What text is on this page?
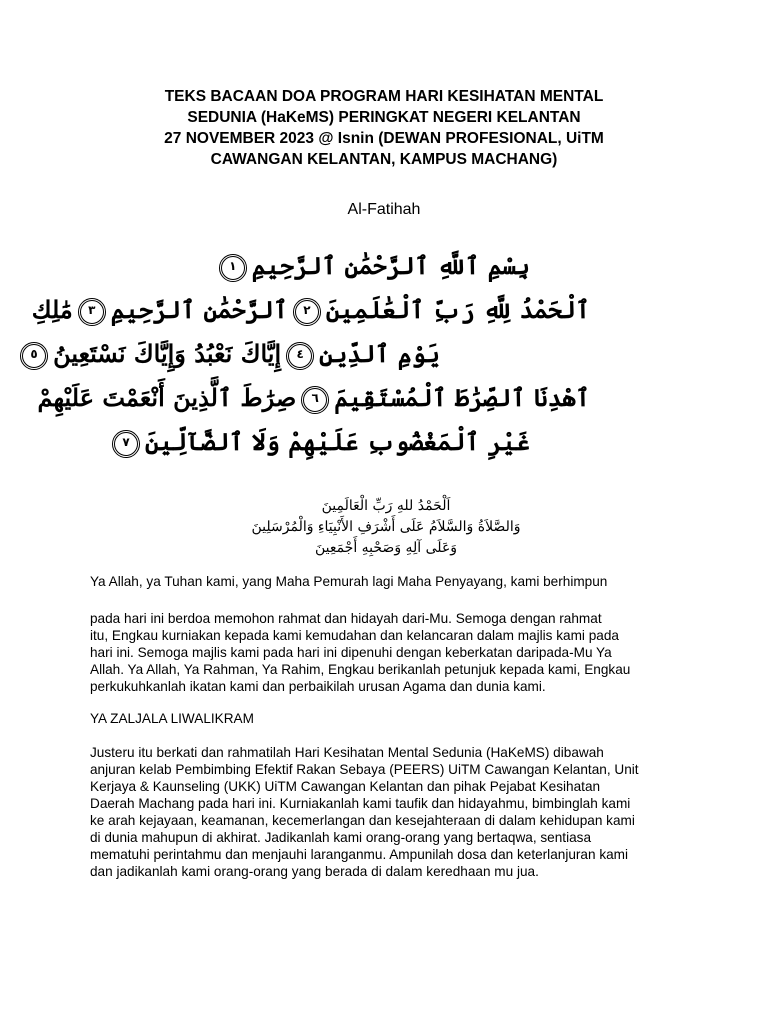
TEKS BACAAN DOA PROGRAM HARI KESIHATAN MENTAL
SEDUNIA (HaKeMS) PERINGKAT NEGERI KELANTAN
27 NOVEMBER 2023 @ Isnin (DEWAN PROFESIONAL, UiTM
CAWANGAN KELANTAN, KAMPUS MACHANG)
Al-Fatihah
بِسْمِ ٱللَّهِ ٱلرَّحْمَٰنِ ٱلرَّحِيمِ١
ٱلْحَمْدُ لِلَّهِ رَبِّ ٱلْعَٰلَمِينَ٢ٱلرَّحْمَٰنِ ٱلرَّحِيمِ٣مَٰلِكِ
يَوْمِ ٱلدِّينِ٤إِيَّاكَ نَعْبُدُ وَإِيَّاكَ نَسْتَعِينُ٥
ٱهْدِنَا ٱلصِّرَٰطَ ٱلْمُسْتَقِيمَ٦صِرَٰطَ ٱلَّذِينَ أَنْعَمْتَ عَلَيْهِمْ
غَيْرِ ٱلْمَغْضُوبِ عَلَيْهِمْ وَلَا ٱلضَّآلِّينَ٧
اَلْحَمْدُ للهِ رَبِّ الْعَالَمِينَ
وَالصَّلاَةُ وَالسَّلاَمُ عَلَى أَشْرَفِ الأَنْبِيَاءِ وَالْمُرْسَلِينَ
وَعَلَى آلِهِ وَصَحْبِهِ أَجْمَعِينَ
Ya Allah, ya Tuhan kami, yang Maha Pemurah lagi Maha Penyayang, kami berhimpun
pada hari ini berdoa memohon rahmat dan hidayah dari-Mu. Semoga dengan rahmat
itu, Engkau kurniakan kepada kami kemudahan dan kelancaran dalam majlis kami pada
hari ini. Semoga majlis kami pada hari ini dipenuhi dengan keberkatan daripada-Mu Ya
Allah. Ya Allah, Ya Rahman, Ya Rahim, Engkau berikanlah petunjuk kepada kami, Engkau
perkukuhkanlah ikatan kami dan perbaikilah urusan Agama dan dunia kami.
YA ZALJALA LIWALIKRAM
Justeru itu berkati dan rahmatilah Hari Kesihatan Mental Sedunia (HaKeMS) dibawah
anjuran kelab Pembimbing Efektif Rakan Sebaya (PEERS) UiTM Cawangan Kelantan, Unit
Kerjaya & Kaunseling (UKK) UiTM Cawangan Kelantan dan pihak Pejabat Kesihatan
Daerah Machang pada hari ini. Kurniakanlah kami taufik dan hidayahmu, bimbinglah kami
ke arah kejayaan, keamanan, kecemerlangan dan kesejahteraan di dalam kehidupan kami
di dunia mahupun di akhirat. Jadikanlah kami orang-orang yang bertaqwa, sentiasa
mematuhi perintahmu dan menjauhi laranganmu. Ampunilah dosa dan keterlanjuran kami
dan jadikanlah kami orang-orang yang berada di dalam keredhaan mu jua.
